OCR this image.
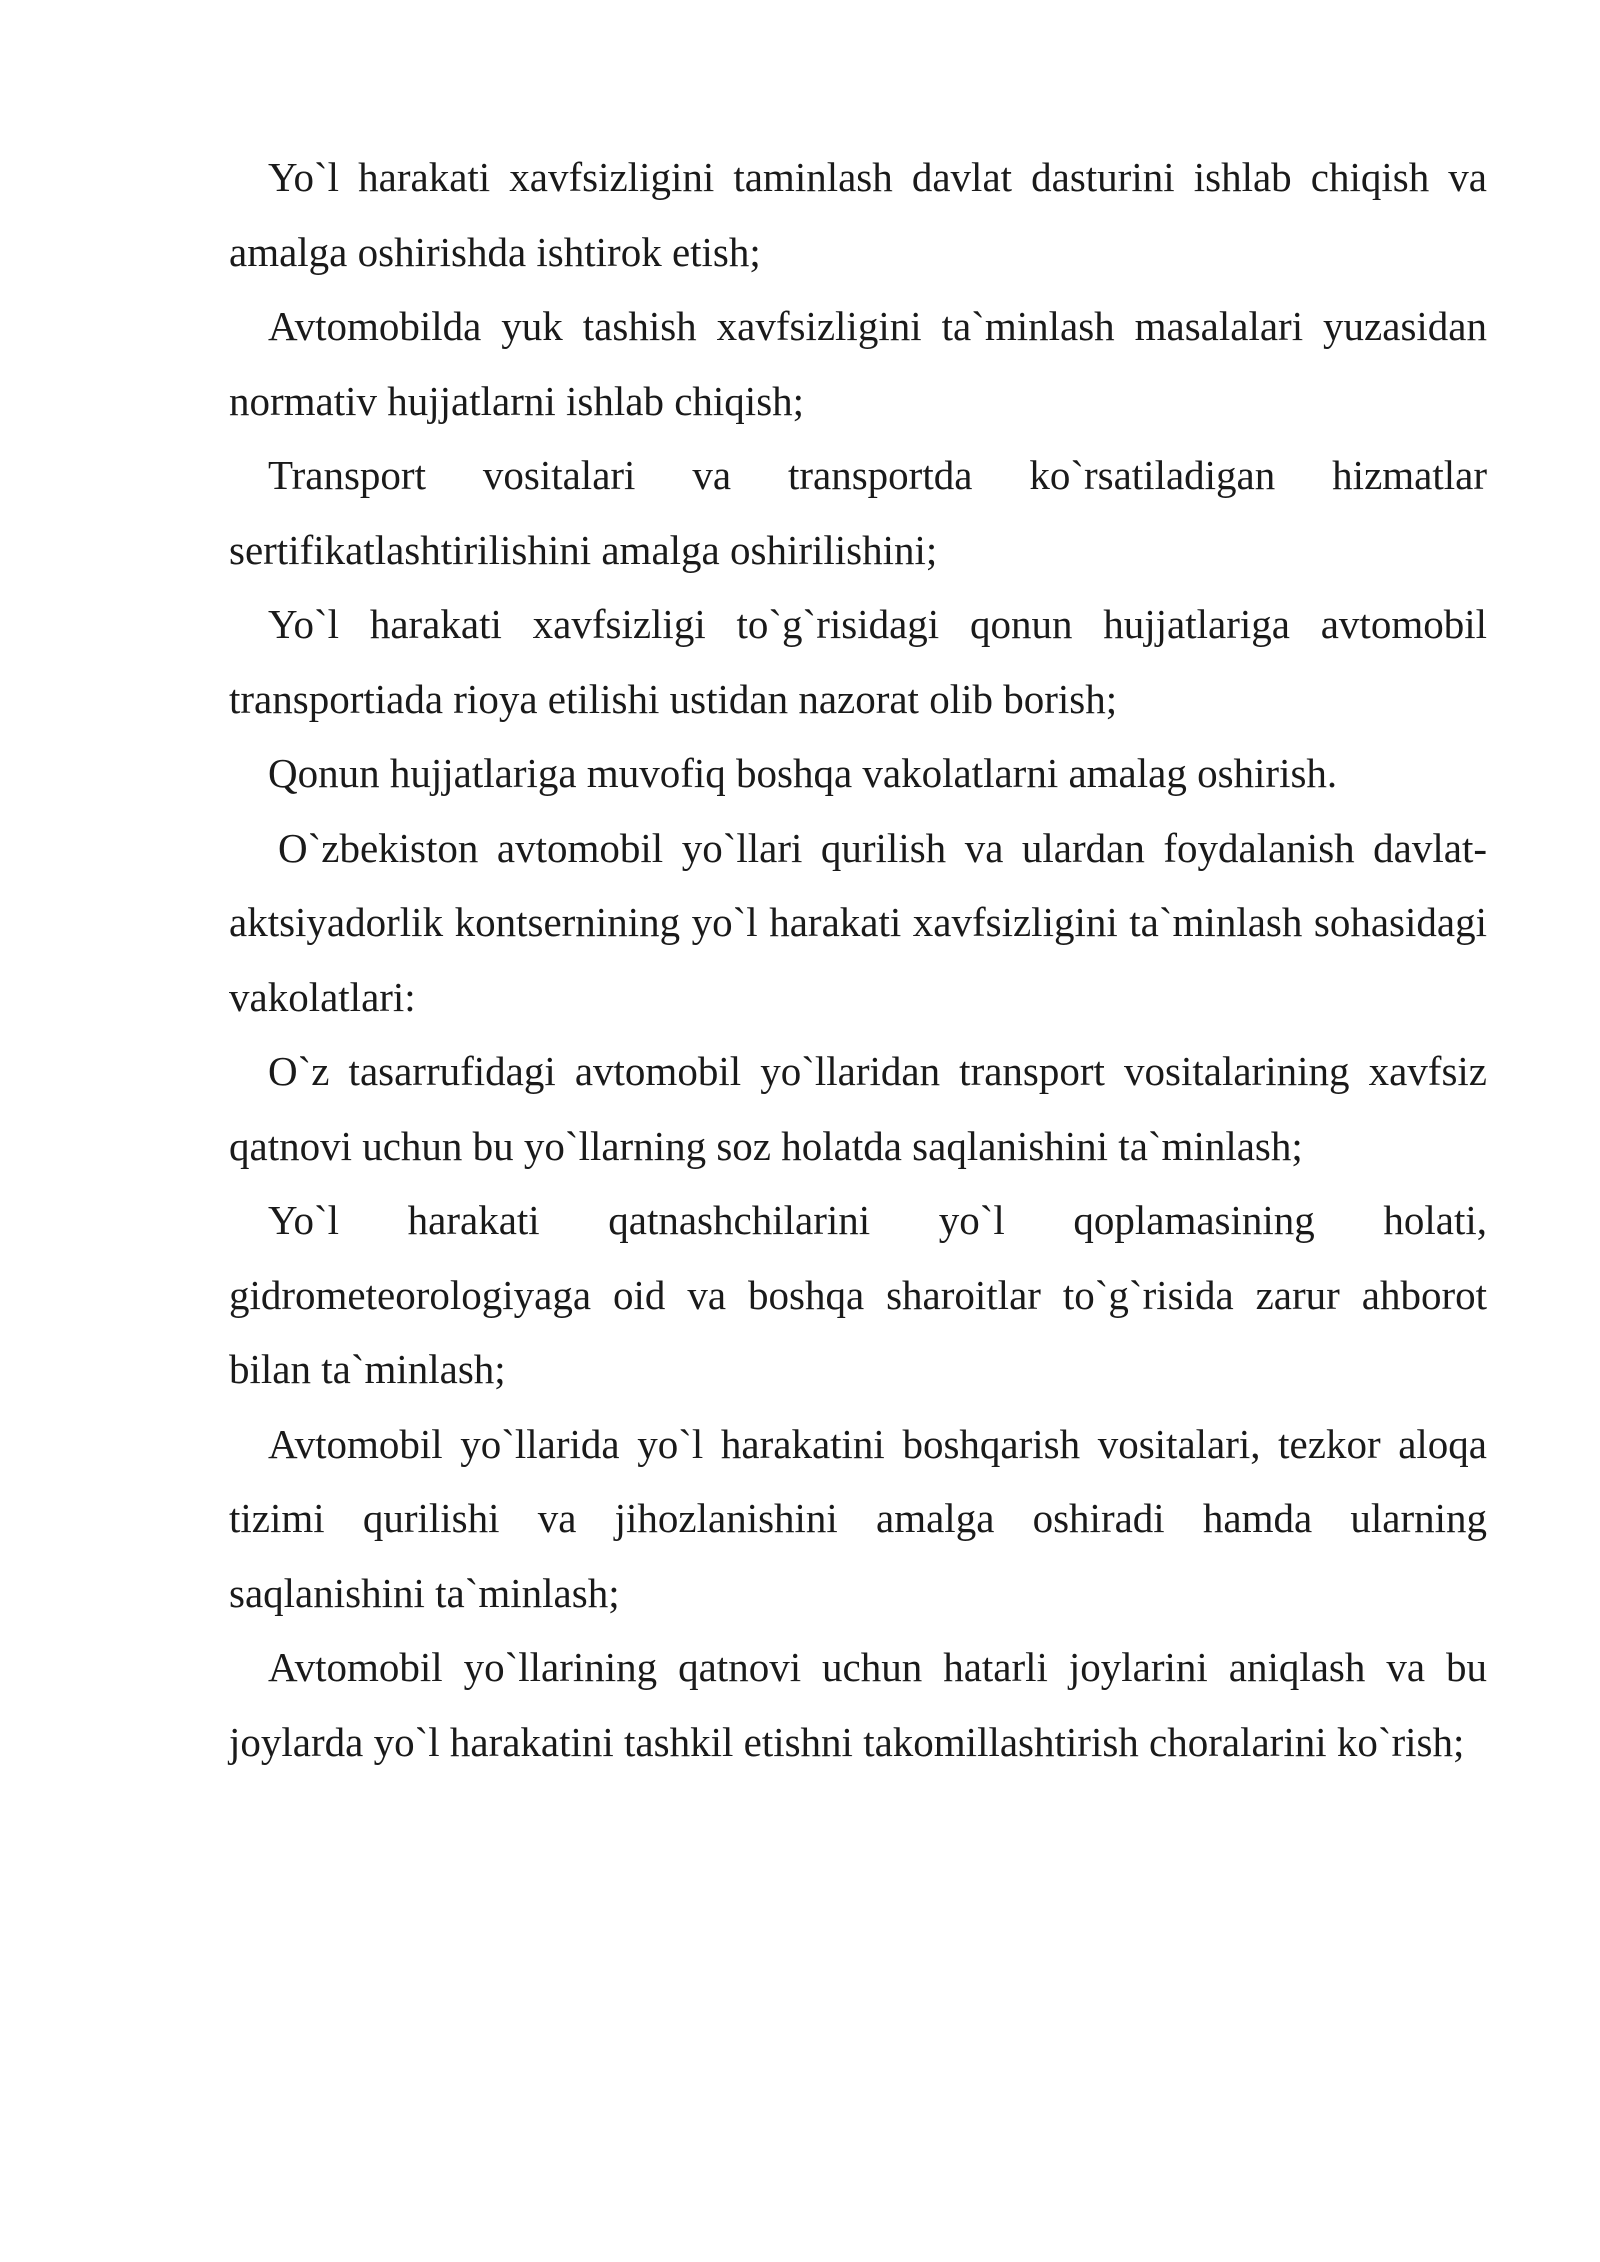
Yo`l harakati xavfsizligini taminlash davlat dasturini ishlab chiqish va amalga oshirishda ishtirok etish;

Avtomobilda yuk tashish xavfsizligini ta`minlash masalalari yuzasidan normativ hujjatlarni ishlab chiqish;

Transport vositalari va transportda ko`rsatiladigan hizmatlar sertifikatlashtirilishini amalga oshirilishini;

Yo`l harakati xavfsizligi to`g`risidagi qonun hujjatlariga avtomobil transportiada rioya etilishi ustidan nazorat olib borish;

Qonun hujjatlariga muvofiq boshqa vakolatlarni amalag oshirish.

O`zbekiston avtomobil yo`llari qurilish va ulardan foydalanish davlat-aktsiyadorlik kontsernining yo`l harakati xavfsizligini ta`minlash sohasidagi vakolatlari:

O`z tasarrufidagi avtomobil yo`llaridan transport vositalarining xavfsiz qatnovi uchun bu yo`llarning soz holatda saqlanishini ta`minlash;

Yo`l harakati qatnashchilarini yo`l qoplamasining holati, gidrometeorologiyaga oid va boshqa sharoitlar to`g`risida zarur ahborot bilan ta`minlash;

Avtomobil yo`llarida yo`l harakatini boshqarish vositalari, tezkor aloqa tizimi qurilishi va jihozlanishini amalga oshiradi hamda ularning saqlanishini ta`minlash;

Avtomobil yo`llarining qatnovi uchun hatarli joylarini aniqlash va bu joylarda yo`l harakatini tashkil etishni takomillashtirish choralarini ko`rish;
